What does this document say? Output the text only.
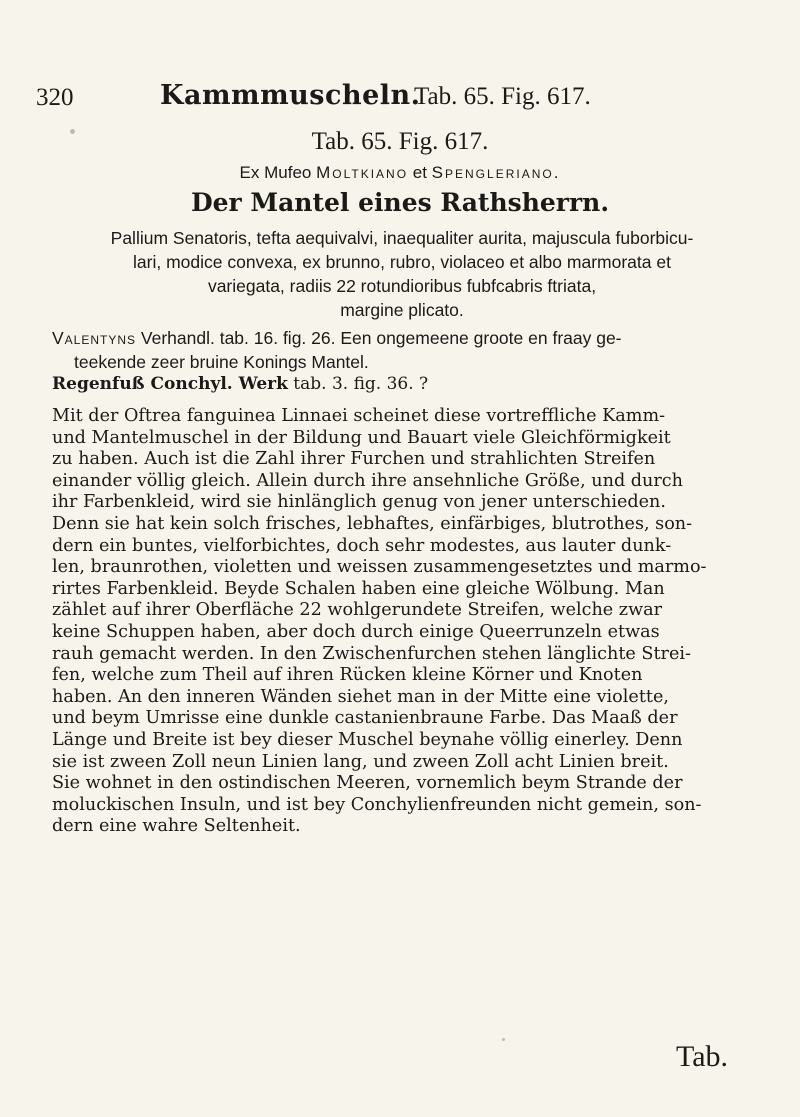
320	Kammmuscheln.
Tab. 65. Fig. 617.
Tab. 65. Fig. 617.
Ex Mufeo Moltkiano et Spengleriano.
Der Mantel eines Rathsherrn.
Pallium Senatoris, tefta aequivalvi, inaequaliter aurita, majuscula fuborbicu-
lari, modice convexa, ex brunno, rubro, violaceo et albo marmorata et
variegata, radiis 22 rotundioribus fubfcabris ftriata,
margine plicato.
Valentyns Verhandl. tab. 16. fig. 26. Een ongemeene groote en fraay ge-
teekende zeer bruine Konings Mantel.
Regenfuß Conchyl. Werk tab. 3. fig. 36. ?
Mit der Oftrea fanguinea Linnaei scheinet diese vortreffliche Kamm-
und Mantelmuschel in der Bildung und Bauart viele Gleichförmigkeit
zu haben. Auch ist die Zahl ihrer Furchen und strahlichten Streifen
einander völlig gleich. Allein durch ihre ansehnliche Größe, und durch
ihr Farbenkleid, wird sie hinlänglich genug von jener unterschieden.
Denn sie hat kein solch frisches, lebhaftes, einfärbiges, blutrothes, son-
dern ein buntes, vielforbichtes, doch sehr modestes, aus lauter dunk-
len, braunrothen, violetten und weissen zusammengesetztes und marmo-
rirtes Farbenkleid. Beyde Schalen haben eine gleiche Wölbung. Man
zählet auf ihrer Oberfläche 22 wohlgerundete Streifen, welche zwar
keine Schuppen haben, aber doch durch einige Queerrunzeln etwas
rauh gemacht werden. In den Zwischenfurchen stehen länglichte Strei-
fen, welche zum Theil auf ihren Rücken kleine Körner und Knoten
haben. An den inneren Wänden siehet man in der Mitte eine violette,
und beym Umrisse eine dunkle castanienbraune Farbe. Das Maaß der
Länge und Breite ist bey dieser Muschel beynahe völlig einerley. Denn
sie ist zween Zoll neun Linien lang, und zween Zoll acht Linien breit.
Sie wohnet in den ostindischen Meeren, vornemlich beym Strande der
moluckischen Insuln, und ist bey Conchylienfreunden nicht gemein, son-
dern eine wahre Seltenheit.
Tab.
